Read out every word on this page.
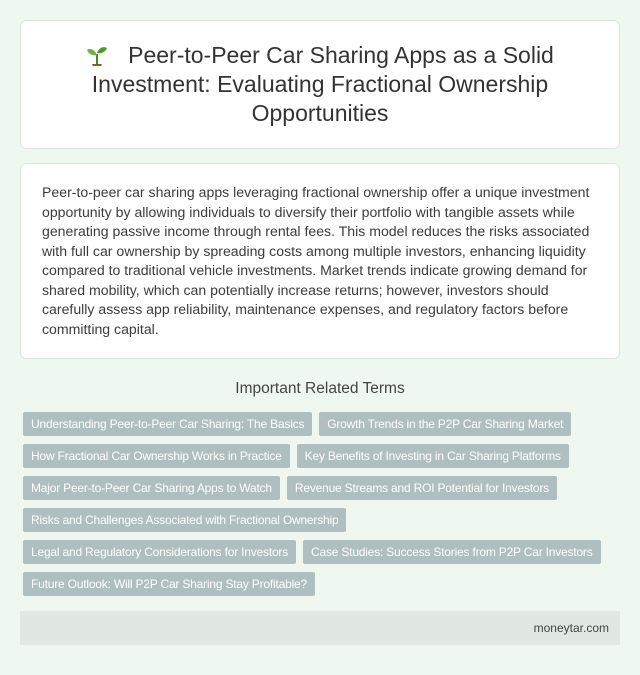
Peer-to-Peer Car Sharing Apps as a Solid Investment: Evaluating Fractional Ownership Opportunities

Peer-to-peer car sharing apps leveraging fractional ownership offer a unique investment opportunity by allowing individuals to diversify their portfolio with tangible assets while generating passive income through rental fees. This model reduces the risks associated with full car ownership by spreading costs among multiple investors, enhancing liquidity compared to traditional vehicle investments. Market trends indicate growing demand for shared mobility, which can potentially increase returns; however, investors should carefully assess app reliability, maintenance expenses, and regulatory factors before committing capital.

Important Related Terms
Understanding Peer-to-Peer Car Sharing: The Basics	Growth Trends in the P2P Car Sharing Market
How Fractional Car Ownership Works in Practice	Key Benefits of Investing in Car Sharing Platforms
Major Peer-to-Peer Car Sharing Apps to Watch	Revenue Streams and ROI Potential for Investors
Risks and Challenges Associated with Fractional Ownership
Legal and Regulatory Considerations for Investors	Case Studies: Success Stories from P2P Car Investors
Future Outlook: Will P2P Car Sharing Stay Profitable?
moneytar.com
